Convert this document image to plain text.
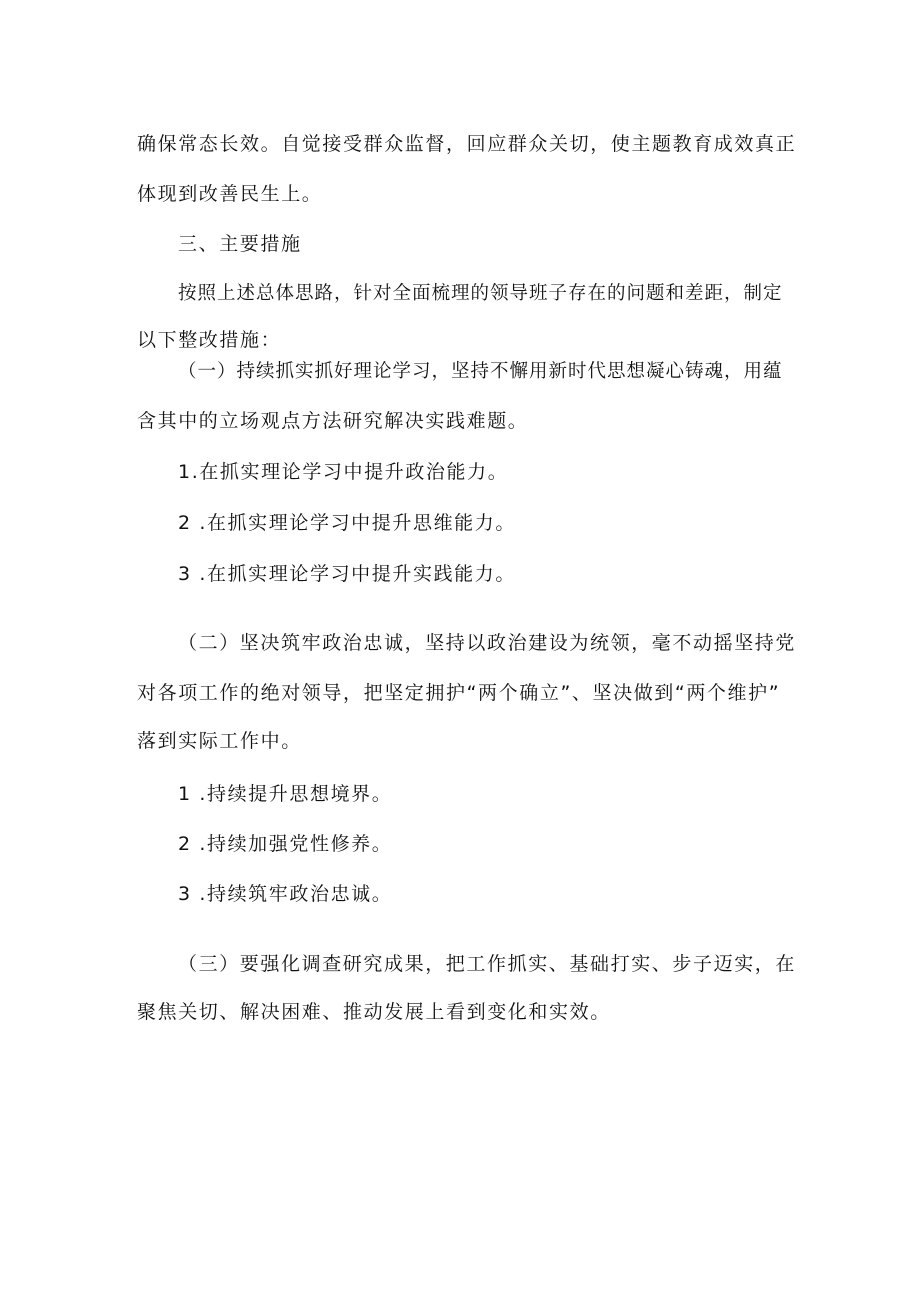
确保常态长效。自觉接受群众监督，回应群众关切，使主题教育成效真正
体现到改善民生上。
三、主要措施
按照上述总体思路，针对全面梳理的领导班子存在的问题和差距，制定
以下整改措施：
（一）持续抓实抓好理论学习，坚持不懈用新时代思想凝心铸魂，用蕴
含其中的立场观点方法研究解决实践难题。
1.在抓实理论学习中提升政治能力。
2 .在抓实理论学习中提升思维能力。
3 .在抓实理论学习中提升实践能力。
（二）坚决筑牢政治忠诚，坚持以政治建设为统领，毫不动摇坚持党
对各项工作的绝对领导，把坚定拥护“两个确立”、坚决做到“两个维护”
落到实际工作中。
1 .持续提升思想境界。
2 .持续加强党性修养。
3 .持续筑牢政治忠诚。
（三）要强化调查研究成果，把工作抓实、基础打实、步子迈实，在
聚焦关切、解决困难、推动发展上看到变化和实效。
